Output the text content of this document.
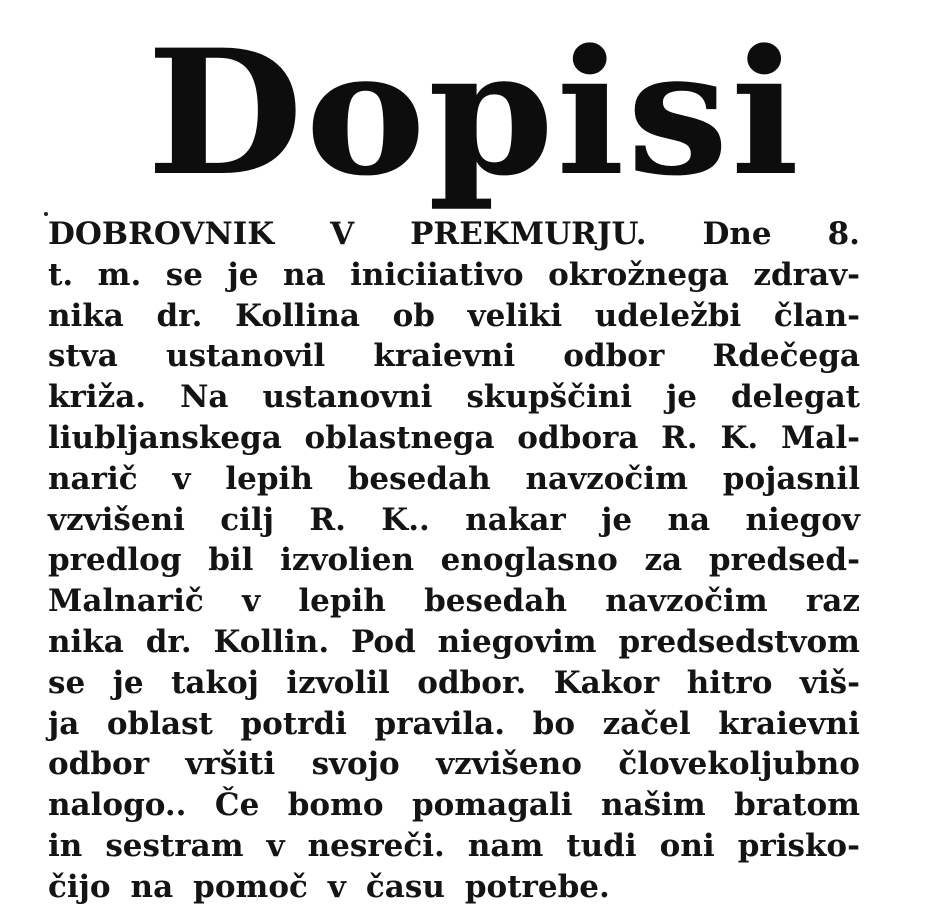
Dopisi
DOBROVNIK V PREKMURJU. Dne 8.
t. m. se je na iniciiativo okrožnega zdrav-
nika dr. Kollina ob veliki udeležbi član-
stva ustanovil kraievni odbor Rdečega
križa. Na ustanovni skupščini je delegat
liubljanskega oblastnega odbora R. K. Mal-
narič v lepih besedah navzočim pojasnil
vzvišeni cilj R. K.. nakar je na niegov
predlog bil izvolien enoglasno za predsed-
Malnarič v lepih besedah navzočim raz
nika dr. Kollin. Pod niegovim predsedstvom
se je takoj izvolil odbor. Kakor hitro viš-
ja oblast potrdi pravila. bo začel kraievni
odbor vršiti svojo vzvišeno človekoljubno
nalogo.. Če bomo pomagali našim bratom
in sestram v nesreči. nam tudi oni prisko-
čijo na pomoč v času potrebe.
